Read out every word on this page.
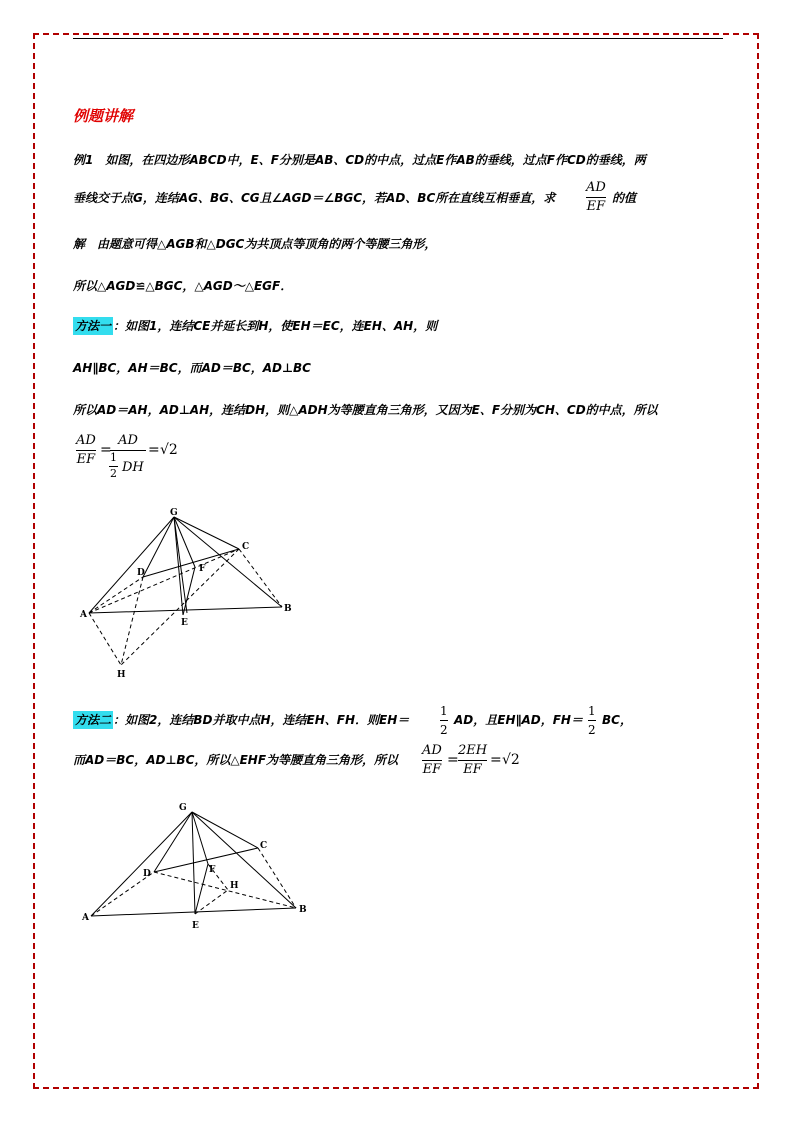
例题讲解
例1　如图，在四边形ABCD中，E、F分别是AB、CD的中点，过点E作AB的垂线，过点F作CD的垂线，两
垂线交于点G，连结AG、BG、CG且∠AGD＝∠BGC，若AD、BC所在直线互相垂直，求
AD
EF
的值
解　由题意可得△AGB和△DGC为共顶点等顶角的两个等腰三角形，
所以△AGD≌△BGC，△AGD～△EGF．
方法一 ：如图1，连结CE并延长到H，使EH＝EC，连EH、AH，则
AH∥BC，AH＝BC，而AD＝BC，AD⊥BC
所以AD＝AH，AD⊥AH，连结DH，则△ADH为等腰直角三角形，又因为E、F分别为CH、CD的中点，所以
AD
EF
=
AD
1
2 DH
= √2
G
C
D	F
A
E
B
H
方法二 ：如图2，连结BD并取中点H，连结EH、FH．则EH＝
1
2
AD，且EH∥AD，FH＝
1
2
BC，
而AD＝BC，AD⊥BC，所以△EHF为等腰直角三角形，所以
AD
EF
=
2EH
EF
= √2
G
C
D	F
H
A
E
B
